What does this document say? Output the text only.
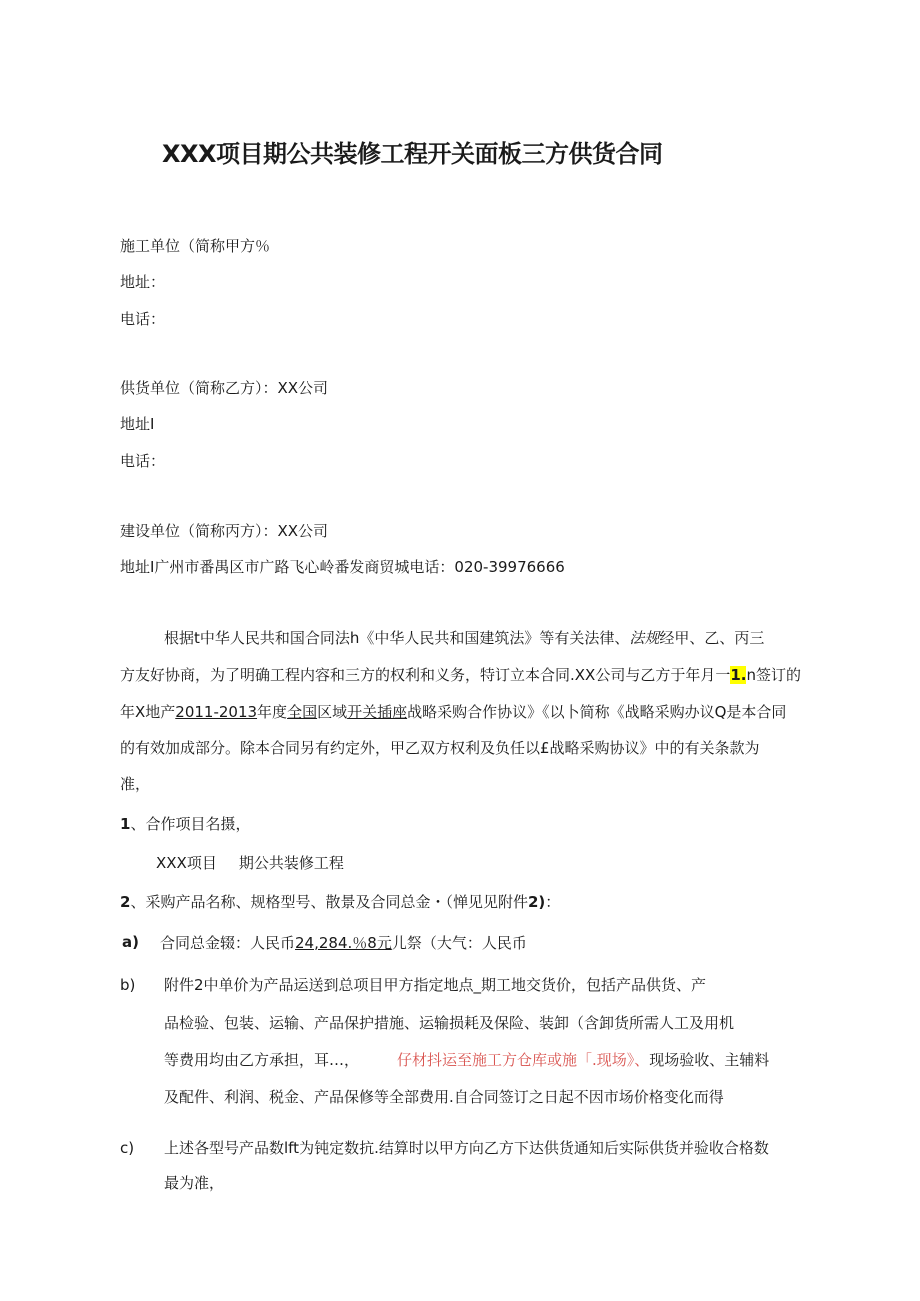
XXX项目期公共装修工程开关面板三方供货合同
施工单位（简称甲方％
地址：
电话：
供货单位（简称乙方）：XX公司
地址I
电话：
建设单位（简称丙方）：XX公司
地址I广州市番禺区市广路飞心岭番发商贸城电话：020-39976666
根据t中华人民共和国合同法h《中华人民共和国建筑法》等有关法律、法规经甲、乙、丙三
方友好协商，为了明确工程内容和三方的权利和义务，特订立本合同.XX公司与乙方于年月一1.n签订的
年X地产2011-2013年度全国区域开关插座战略采购合作协议》《以卜简称《战略采购办议Q是本合同
的有效加成部分。除本合同另有约定外，甲乙双方权利及负任以£战略采购协议》中的有关条款为
准，
1、合作项目名摄，
XXX项目 期公共装修工程
2、采购产品名称、规格型号、散景及合同总金・（惮见见附件2)：
a) 合同总金辍：人民币24,284.％8元儿祭（大气：人民币
b) 附件2中单价为产品运送到总项目甲方指定地点_期工地交货价，包括产品供货、产
品检验、包装、运输、产品保护措施、运输损耗及保险、装卸（含卸货所需人工及用机
等费用均由乙方承担，耳…，	仔材抖运至施工方仓库或施「.现场》、现场验收、主辅料
及配件、利润、税金、产品保修等全部费用.自合同签订之日起不因市场价格变化而得
c) 上述各型号产品数lft为钝定数抗.结算时以甲方向乙方下达供货通知后实际供货并验收合格数
最为准，
